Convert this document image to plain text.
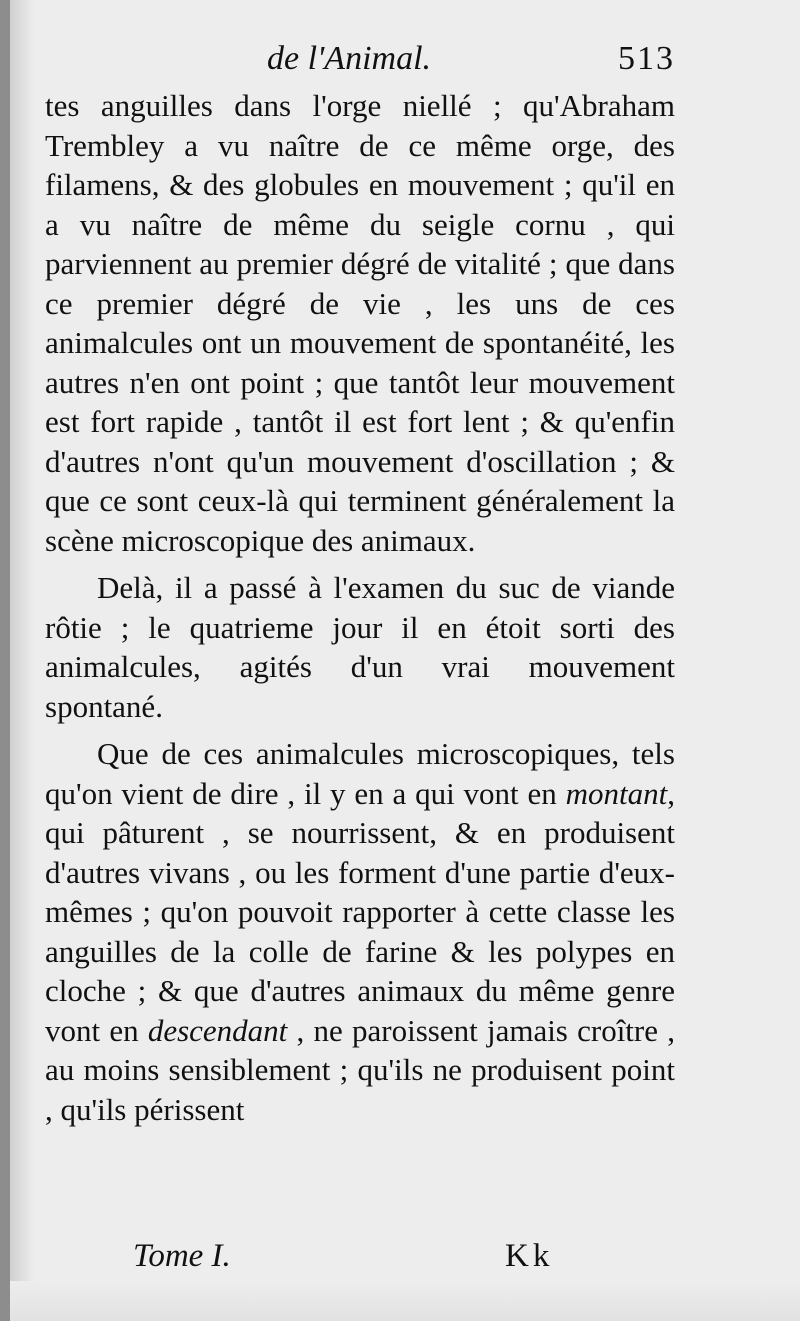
de l'Animal.	513

tes anguilles dans l'orge niellé ; qu'Abraham Trembley a vu naître de ce même orge, des filamens, & des globules en mouvement ; qu'il en a vu naître de même du seigle cornu , qui parviennent au premier dégré de vitalité ; que dans ce premier dégré de vie , les uns de ces animalcules ont un mouvement de spontanéité, les autres n'en ont point ; que tantôt leur mouvement est fort rapide , tantôt il est fort lent ; & qu'enfin d'autres n'ont qu'un mouvement d'oscillation ; & que ce sont ceux-là qui terminent généralement la scène microscopique des animaux.

Delà, il a passé à l'examen du suc de viande rôtie ; le quatrieme jour il en étoit sorti des animalcules, agités d'un vrai mouvement spontané.

Que de ces animalcules microscopiques, tels qu'on vient de dire , il y en a qui vont en montant, qui pâturent , se nourrissent, & en produisent d'autres vivans , ou les forment d'une partie d'eux-mêmes ; qu'on pouvoit rapporter à cette classe les anguilles de la colle de farine & les polypes en cloche ; & que d'autres animaux du même genre vont en descendant , ne paroissent jamais croître , au moins sensiblement ; qu'ils ne produisent point , qu'ils périssent

Tome I.	Kk
